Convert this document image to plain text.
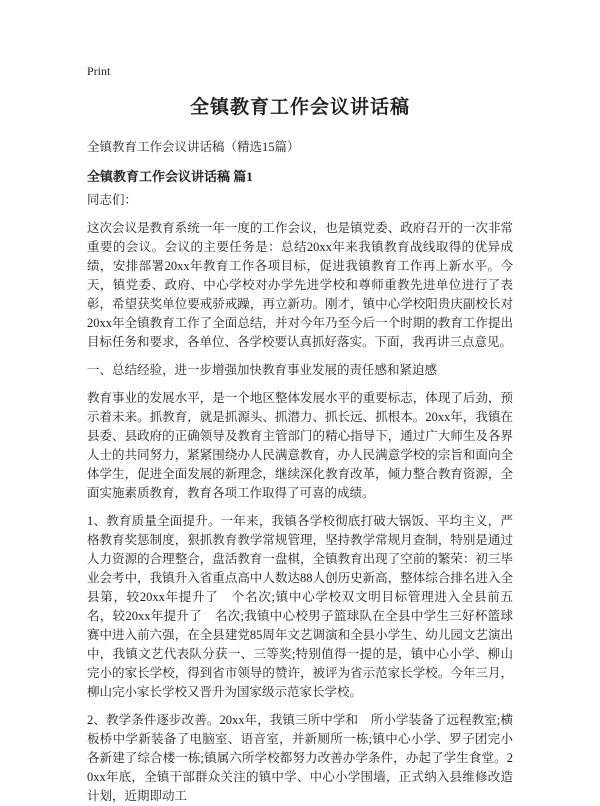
Print
全镇教育工作会议讲话稿
全镇教育工作会议讲话稿（精选15篇）
全镇教育工作会议讲话稿 篇1

同志们：

这次会议是教育系统一年一度的工作会议，也是镇党委、政府召开的一次非常重要的会议。会议的主要任务是：总结20xx年来我镇教育战线取得的优异成绩，安排部署20xx年教育工作各项目标，促进我镇教育工作再上新水平。今天，镇党委、政府、中心学校对办学先进学校和尊师重教先进单位进行了表彰，希望获奖单位要戒骄戒躁，再立新功。刚才，镇中心学校阳贵庆副校长对20xx年全镇教育工作了全面总结，并对今年乃至今后一个时期的教育工作提出目标任务和要求，各单位、各学校要认真抓好落实。下面，我再讲三点意见。

一、总结经验，进一步增强加快教育事业发展的责任感和紧迫感

教育事业的发展水平，是一个地区整体发展水平的重要标志，体现了后劲，预示着未来。抓教育，就是抓源头、抓潜力、抓长远、抓根本。20xx年，我镇在县委、县政府的正确领导及教育主管部门的精心指导下，通过广大师生及各界人士的共同努力，紧紧围绕办人民满意教育，办人民满意学校的宗旨和面向全体学生，促进全面发展的新理念，继续深化教育改革，倾力整合教育资源，全面实施素质教育，教育各项工作取得了可喜的成绩。

1、教育质量全面提升。一年来，我镇各学校彻底打破大锅饭、平均主义，严格教育奖惩制度，狠抓教育教学常规管理，坚持教学常规月查制，特别是通过人力资源的合理整合，盘活教育一盘棋，全镇教育出现了空前的繁荣：初三毕业会考中，我镇升入省重点高中人数达88人创历史新高，整体综合排名进入全县第，较20xx年提升了　个名次;镇中心学校双文明目标管理进入全县前五名，较20xx年提升了　名次;我镇中心校男子篮球队在全县中学生三好杯篮球赛中进入前六强，在全县建党85周年文艺调演和全县小学生、幼儿园文艺演出中，我镇文艺代表队分获一、三等奖;特别值得一提的是，镇中心小学、柳山完小的家长学校，得到省市领导的赞许，被评为省示范家长学校。今年三月，柳山完小家长学校又晋升为国家级示范家长学校。

2、教学条件逐步改善。20xx年，我镇三所中学和　所小学装备了远程教室;横板桥中学新装备了电脑室、语音室，并新厕所一栋;镇中心小学、罗子团完小各新建了综合楼一栋;镇属六所学校都努力改善办学条件，办起了学生食堂。20xx年底，全镇干部群众关注的镇中学、中心小学围墙，正式纳入县维修改造计划，近期即动工
